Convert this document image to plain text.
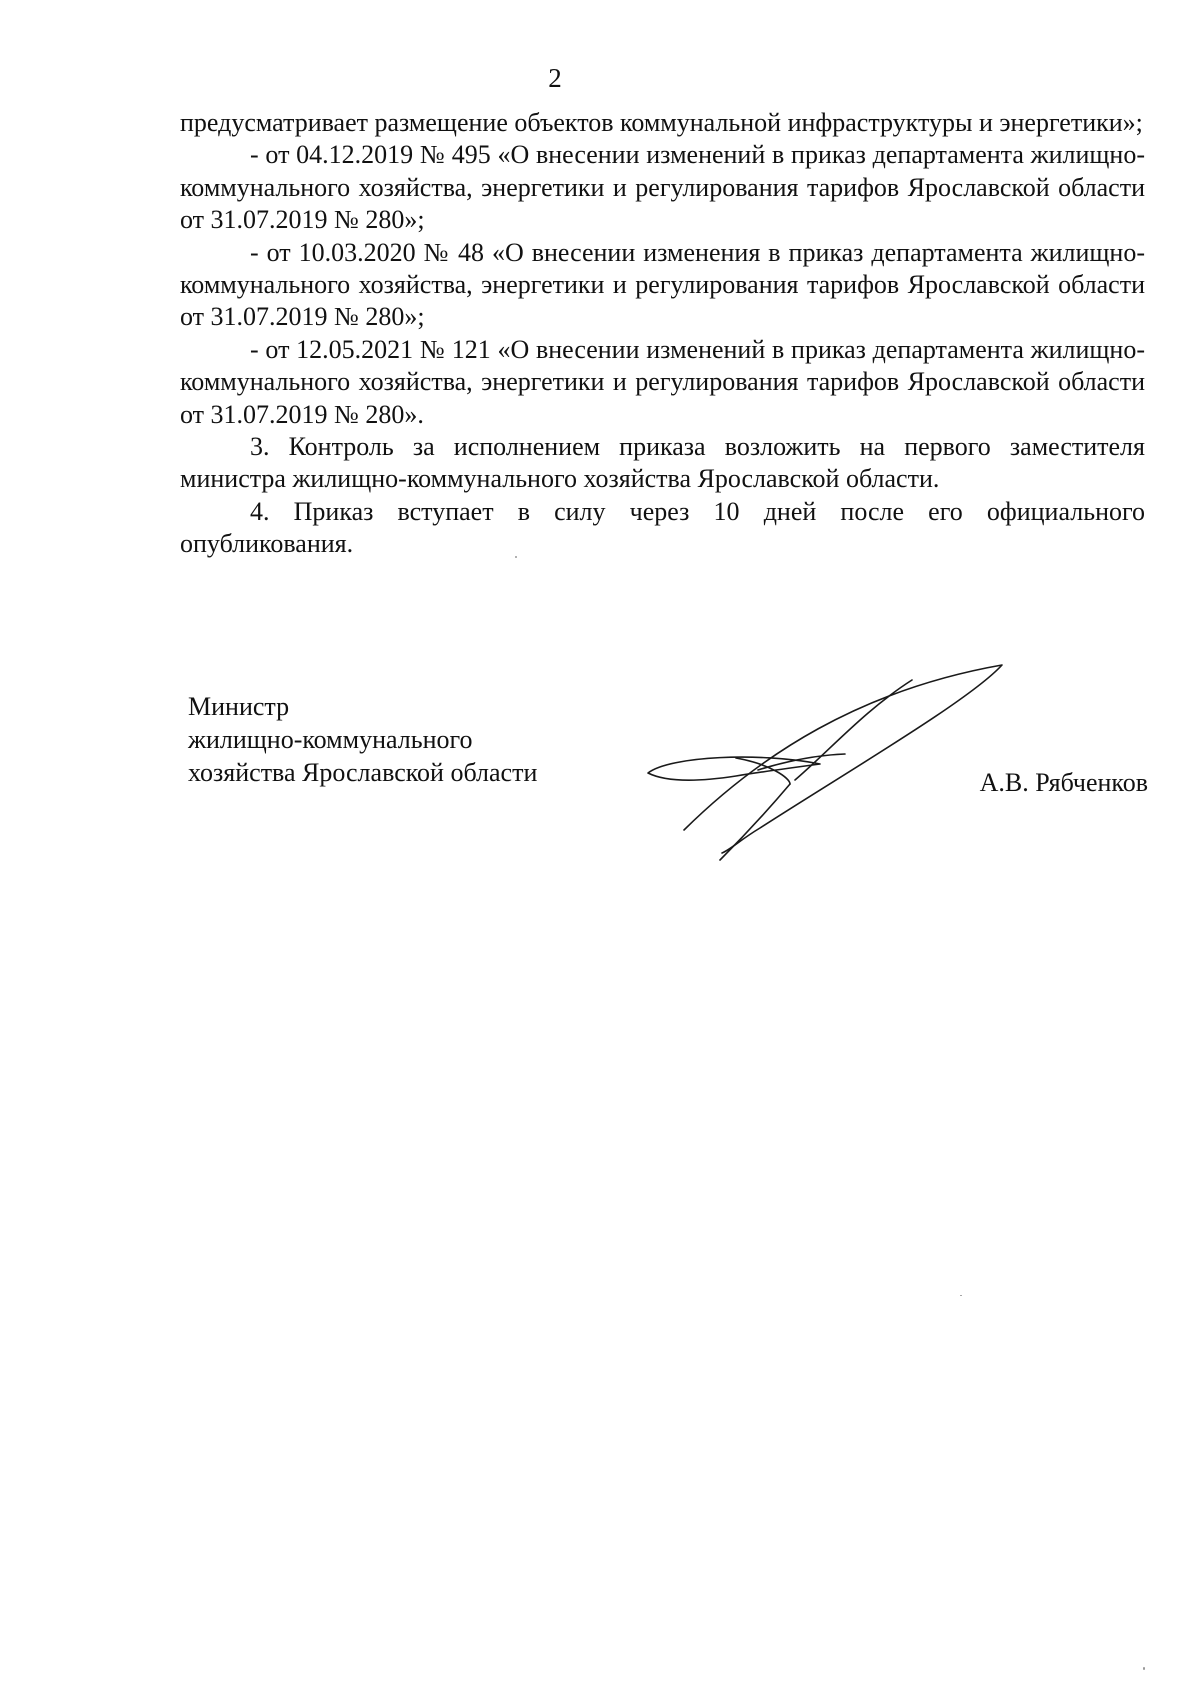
2

предусматривает размещение объектов коммунальной инфраструктуры и энергетики»;

- от 04.12.2019 № 495 «О внесении изменений в приказ департамента жилищно-коммунального хозяйства, энергетики и регулирования тарифов Ярославской области от 31.07.2019 № 280»;

- от 10.03.2020 № 48 «О внесении изменения в приказ департамента жилищно-коммунального хозяйства, энергетики и регулирования тарифов Ярославской области от 31.07.2019 № 280»;

- от 12.05.2021 № 121 «О внесении изменений в приказ департамента жилищно-коммунального хозяйства, энергетики и регулирования тарифов Ярославской области от 31.07.2019 № 280».

3. Контроль за исполнением приказа возложить на первого заместителя министра жилищно-коммунального хозяйства Ярославской области.

4. Приказ вступает в силу через 10 дней после его официального опубликования.

Министр
жилищно-коммунального
хозяйства Ярославской области	А.В. Рябченков
